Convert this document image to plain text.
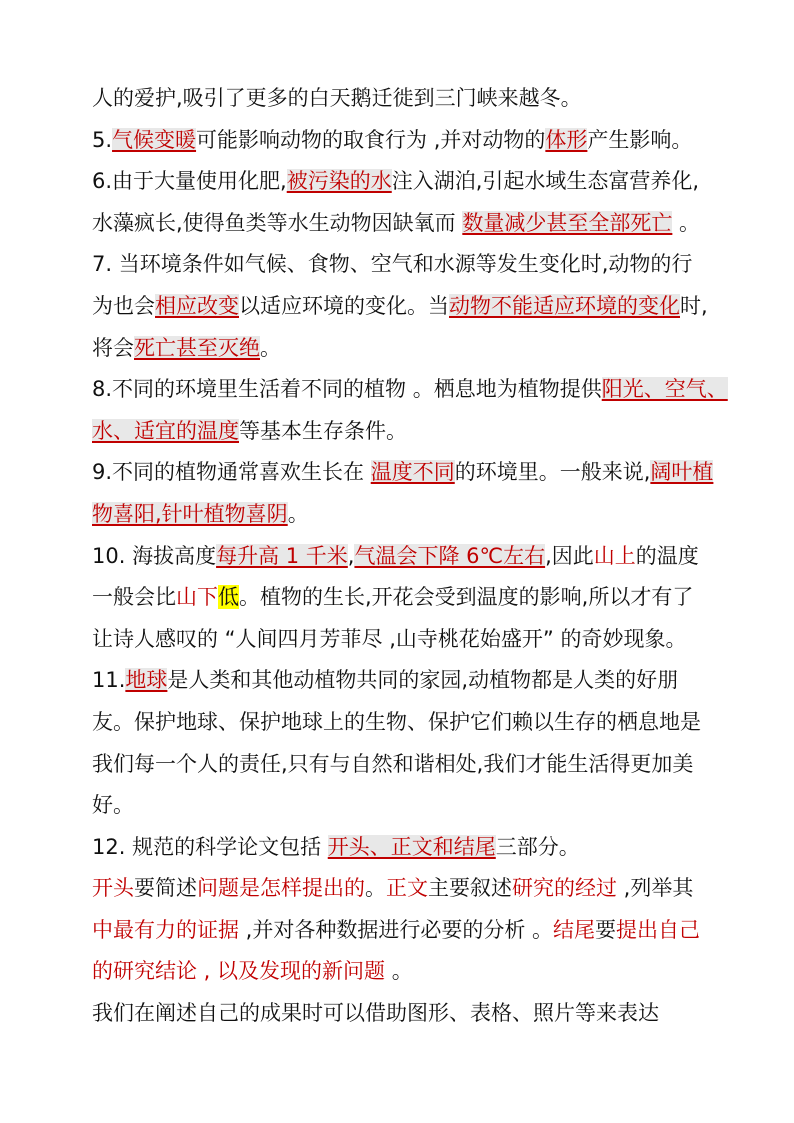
人的爱护,吸引了更多的白天鹅迁徙到三门峡来越冬。
5.气候变暖可能影响动物的取食行为 ,并对动物的体形产生影响。
6.由于大量使用化肥,被污染的水注入湖泊,引起水域生态富营养化,
水藻疯长,使得鱼类等水生动物因缺氧而 数量减少甚至全部死亡 。
7. 当环境条件如气候、食物、空气和水源等发生变化时,动物的行
为也会相应改变以适应环境的变化。当动物不能适应环境的变化时,
将会死亡甚至灭绝。
8.不同的环境里生活着不同的植物 。栖息地为植物提供阳光、空气、
水、适宜的温度等基本生存条件。
9.不同的植物通常喜欢生长在 温度不同的环境里。一般来说,阔叶植
物喜阳,针叶植物喜阴。
10. 海拔高度每升高 1 千米,气温会下降 6℃左右,因此山上的温度
一般会比山下低。植物的生长,开花会受到温度的影响,所以才有了
让诗人感叹的 “人间四月芳菲尽 ,山寺桃花始盛开” 的奇妙现象。
11.地球是人类和其他动植物共同的家园,动植物都是人类的好朋
友。保护地球、保护地球上的生物、保护它们赖以生存的栖息地是
我们每一个人的责任,只有与自然和谐相处,我们才能生活得更加美
好。
12. 规范的科学论文包括 开头、正文和结尾三部分。
开头要简述问题是怎样提出的。正文主要叙述研究的经过 ,列举其
中最有力的证据 ,并对各种数据进行必要的分析 。结尾要提出自己
的研究结论 , 以及发现的新问题 。
我们在阐述自己的成果时可以借助图形、表格、照片等来表达
